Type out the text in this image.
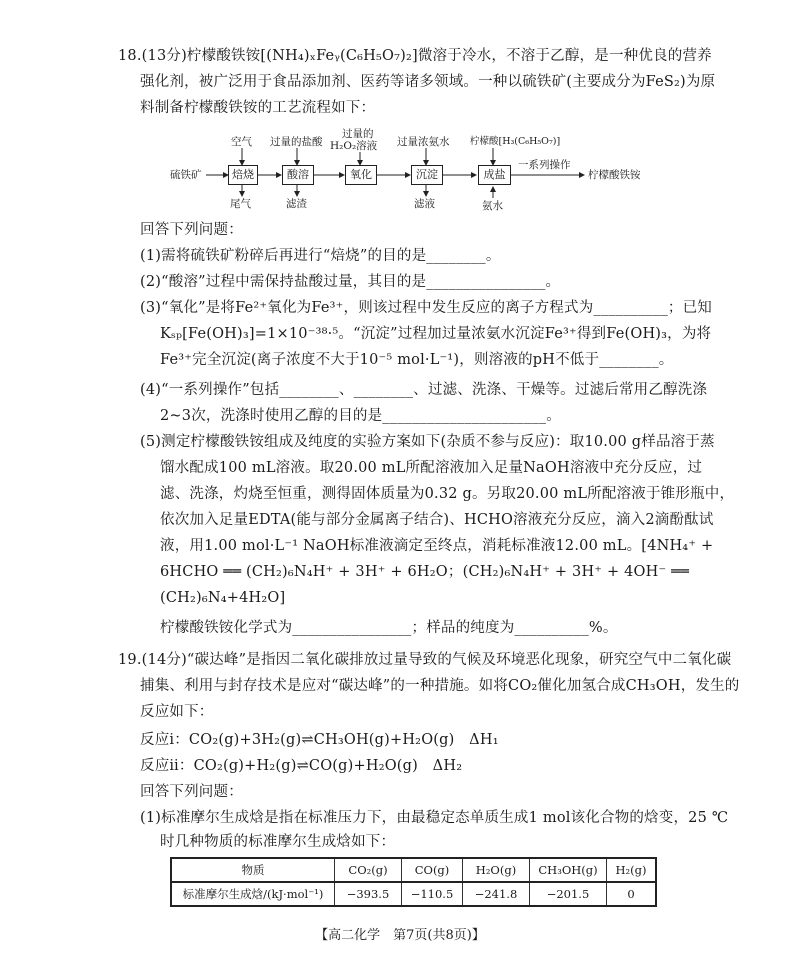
18.(13分)柠檬酸铁铵[(NH₄)ₓFeᵧ(C₆H₅O₇)₂]微溶于冷水，不溶于乙醇，是一种优良的营养
强化剂，被广泛用于食品添加剂、医药等诸多领域。一种以硫铁矿(主要成分为FeS₂)为原
料制备柠檬酸铁铵的工艺流程如下：
硫铁矿	柠檬酸铁铵
一系列操作
焙烧	酸溶	氧化	沉淀	成盐
空气 过量的盐酸
过量的
H₂O₂溶液 过量浓氨水 柠檬酸[H₃(C₆H₅O₇)]
尾气	滤渣	滤液	氨水
回答下列问题：
(1)需将硫铁矿粉碎后再进行“焙烧”的目的是________。
(2)“酸溶”过程中需保持盐酸过量，其目的是________________。
(3)“氧化”是将Fe²⁺氧化为Fe³⁺，则该过程中发生反应的离子方程式为__________；已知
Kₛₚ[Fe(OH)₃]=1×10⁻³⁸·⁵。“沉淀”过程加过量浓氨水沉淀Fe³⁺得到Fe(OH)₃，为将
Fe³⁺完全沉淀(离子浓度不大于10⁻⁵ mol·L⁻¹)，则溶液的pH不低于________。
(4)“一系列操作”包括________、________、过滤、洗涤、干燥等。过滤后常用乙醇洗涤
2~3次，洗涤时使用乙醇的目的是______________________。
(5)测定柠檬酸铁铵组成及纯度的实验方案如下(杂质不参与反应)：取10.00 g样品溶于蒸
馏水配成100 mL溶液。取20.00 mL所配溶液加入足量NaOH溶液中充分反应，过
滤、洗涤，灼烧至恒重，测得固体质量为0.32 g。另取20.00 mL所配溶液于锥形瓶中，
依次加入足量EDTA(能与部分金属离子结合)、HCHO溶液充分反应，滴入2滴酚酞试
液，用1.00 mol·L⁻¹ NaOH标准液滴定至终点，消耗标准液12.00 mL。[4NH₄⁺ +
6HCHO ══ (CH₂)₆N₄H⁺ + 3H⁺ + 6H₂O；(CH₂)₆N₄H⁺ + 3H⁺ + 4OH⁻ ══
(CH₂)₆N₄+4H₂O]
柠檬酸铁铵化学式为________________；样品的纯度为__________%。
19.(14分)“碳达峰”是指因二氧化碳排放过量导致的气候及环境恶化现象，研究空气中二氧化碳
捕集、利用与封存技术是应对“碳达峰”的一种措施。如将CO₂催化加氢合成CH₃OH，发生的
反应如下：
反应ⅰ：CO₂(g)+3H₂(g)⇌CH₃OH(g)+H₂O(g)　ΔH₁
反应ⅱ：CO₂(g)+H₂(g)⇌CO(g)+H₂O(g)　ΔH₂
回答下列问题：
(1)标准摩尔生成焓是指在标准压力下，由最稳定态单质生成1 mol该化合物的焓变，25 ℃
时几种物质的标准摩尔生成焓如下：
物质	CO₂(g)	CO(g)	H₂O(g)	CH₃OH(g)	H₂(g)
标准摩尔生成焓/(kJ·mol⁻¹)	−393.5	−110.5	−241.8	−201.5	0
【高二化学　第7页(共8页)】
